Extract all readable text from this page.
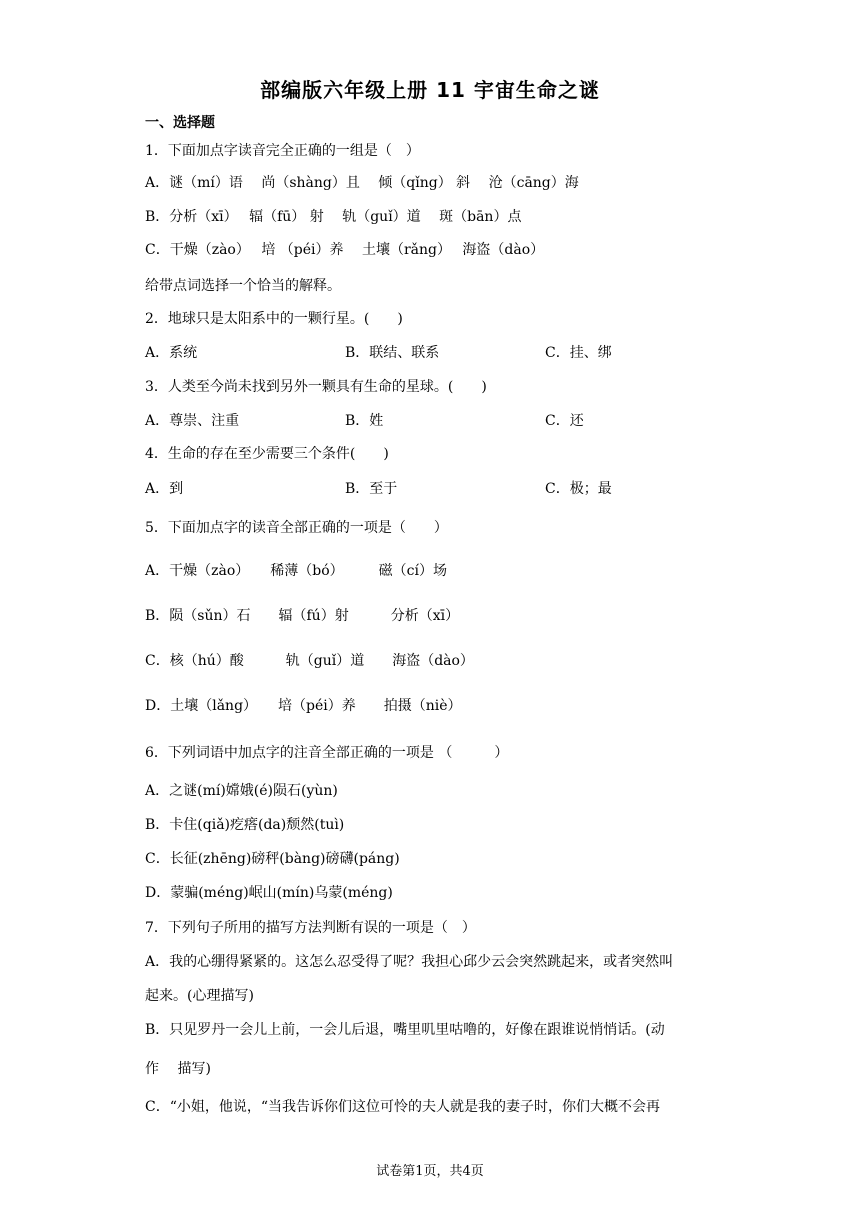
部编版六年级上册 11 宇宙生命之谜
一、选择题
1．下面加点字读音完全正确的一组是（　）
A．谜（mí）语　 尚（shàng）且　 倾（qǐng） 斜　 沧（cāng）海
B．分析（xī）　 辐（fū） 射　 轨（guǐ）道　 斑（bān）点
C．干燥（zào）　 培 （péi）养　 土壤（rǎng）　 海盗（dào）
给带点词选择一个恰当的解释。
2．地球只是太阳系中的一颗行星。(　　)
A．系统	B．联结、联系	C．挂、绑
3．人类至今尚未找到另外一颗具有生命的星球。(　　)
A．尊崇、注重	B．姓	C．还
4．生命的存在至少需要三个条件(　　)
A．到	B．至于	C．极；最
5．下面加点字的读音全部正确的一项是（　　）
A．干燥（zào）　　稀薄（bó）　　　磁（cí）场
B．陨（sǔn）石　　辐（fú）射　　　分析（xī）
C．核（hú）酸　　　轨（guǐ）道　　海盗（dào）
D．土壤（lǎng）　　培（péi）养　　拍摄（niè）
6．下列词语中加点字的注音全部正确的一项是 （　　　）
A．之谜(mí)嫦娥(é)陨石(yùn)
B．卡住(qiǎ)疙瘩(da)颓然(tuì)
C．长征(zhēng)磅秤(bàng)磅礴(páng)
D．蒙骗(méng)岷山(mín)乌蒙(méng)
7．下列句子所用的描写方法判断有误的一项是（　）
A．我的心绷得紧紧的。这怎么忍受得了呢？我担心邱少云会突然跳起来，或者突然叫
起来。(心理描写)
B．只见罗丹一会儿上前，一会儿后退，嘴里叽里咕噜的，好像在跟谁说悄悄话。(动
作　 描写)
C．“小姐，他说，“当我告诉你们这位可怜的夫人就是我的妻子时，你们大概不会再
试卷第1页，共4页
